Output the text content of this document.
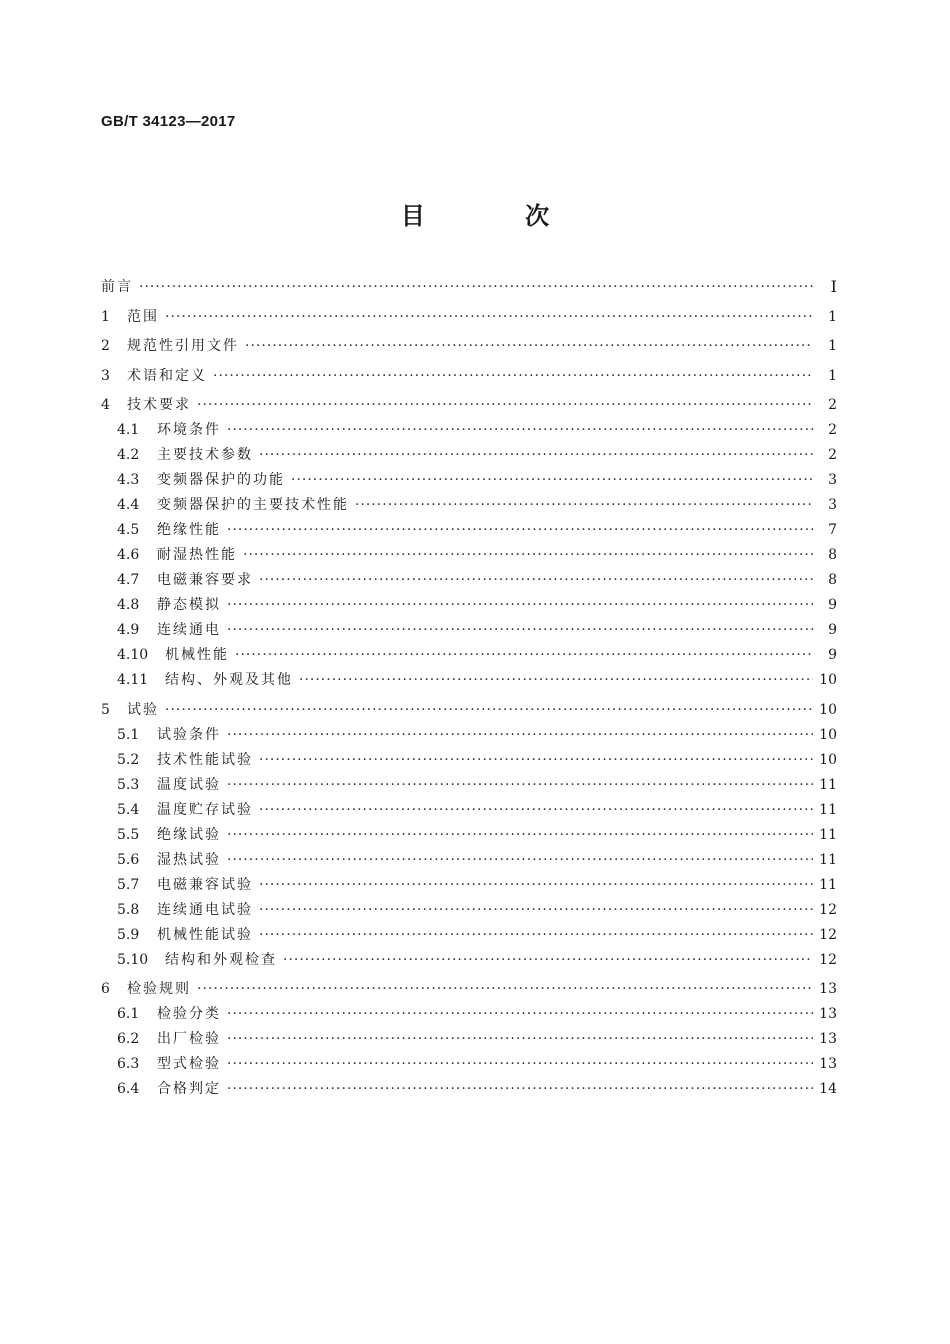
GB/T 34123—2017
目 次
前言 ·····	Ⅰ
1	范围 ·····	1
2	规范性引用文件 ·····	1
3	术语和定义 ·····	1
4	技术要求 ·····	2
4.1	环境条件 ·····	2
4.2	主要技术参数 ·····	2
4.3	变频器保护的功能 ·····	3
4.4	变频器保护的主要技术性能 ·····	3
4.5	绝缘性能 ·····	7
4.6	耐湿热性能 ·····	8
4.7	电磁兼容要求 ·····	8
4.8	静态模拟 ·····	9
4.9	连续通电 ·····	9
4.10	机械性能 ·····	9
4.11	结构、外观及其他 ·····	10
5	试验 ·····	10
5.1	试验条件 ·····	10
5.2	技术性能试验 ·····	10
5.3	温度试验 ·····	11
5.4	温度贮存试验 ·····	11
5.5	绝缘试验 ·····	11
5.6	湿热试验 ·····	11
5.7	电磁兼容试验 ·····	11
5.8	连续通电试验 ·····	12
5.9	机械性能试验 ·····	12
5.10	结构和外观检查 ·····	12
6	检验规则 ·····	13
6.1	检验分类 ·····	13
6.2	出厂检验 ·····	13
6.3	型式检验 ·····	13
6.4	合格判定 ·····	14
